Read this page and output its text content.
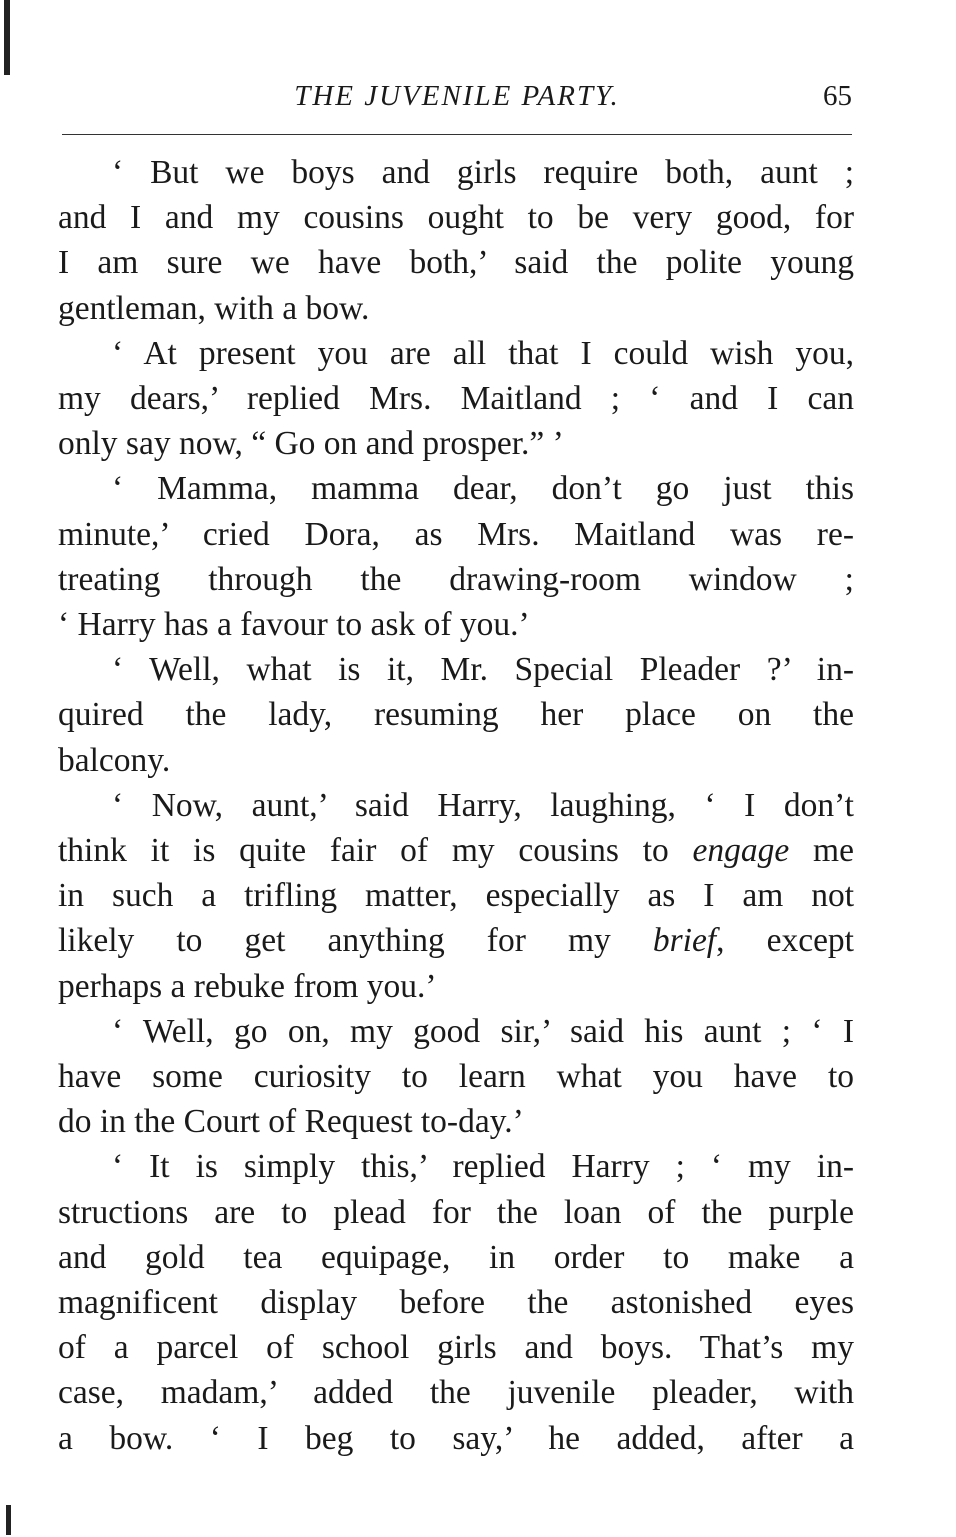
THE JUVENILE PARTY.	65

‘ But we boys and girls require both, aunt ;
and I and my cousins ought to be very good, for
I am sure we have both,’ said the polite young
gentleman, with a bow.

‘ At present you are all that I could wish you,
my dears,’ replied Mrs. Maitland ; ‘ and I can
only say now, “ Go on and prosper.” ’

‘ Mamma, mamma dear, don’t go just this
minute,’ cried Dora, as Mrs. Maitland was re-
treating through the drawing-room window ;
‘ Harry has a favour to ask of you.’

‘ Well, what is it, Mr. Special Pleader ?’ in-
quired the lady, resuming her place on the
balcony.

‘ Now, aunt,’ said Harry, laughing, ‘ I don’t
think it is quite fair of my cousins to engage me
in such a trifling matter, especially as I am not
likely to get anything for my brief, except
perhaps a rebuke from you.’

‘ Well, go on, my good sir,’ said his aunt ; ‘ I
have some curiosity to learn what you have to
do in the Court of Request to-day.’

‘ It is simply this,’ replied Harry ; ‘ my in-
structions are to plead for the loan of the purple
and gold tea equipage, in order to make a
magnificent display before the astonished eyes
of a parcel of school girls and boys. That’s my
case, madam,’ added the juvenile pleader, with
a bow. ‘ I beg to say,’ he added, after a
